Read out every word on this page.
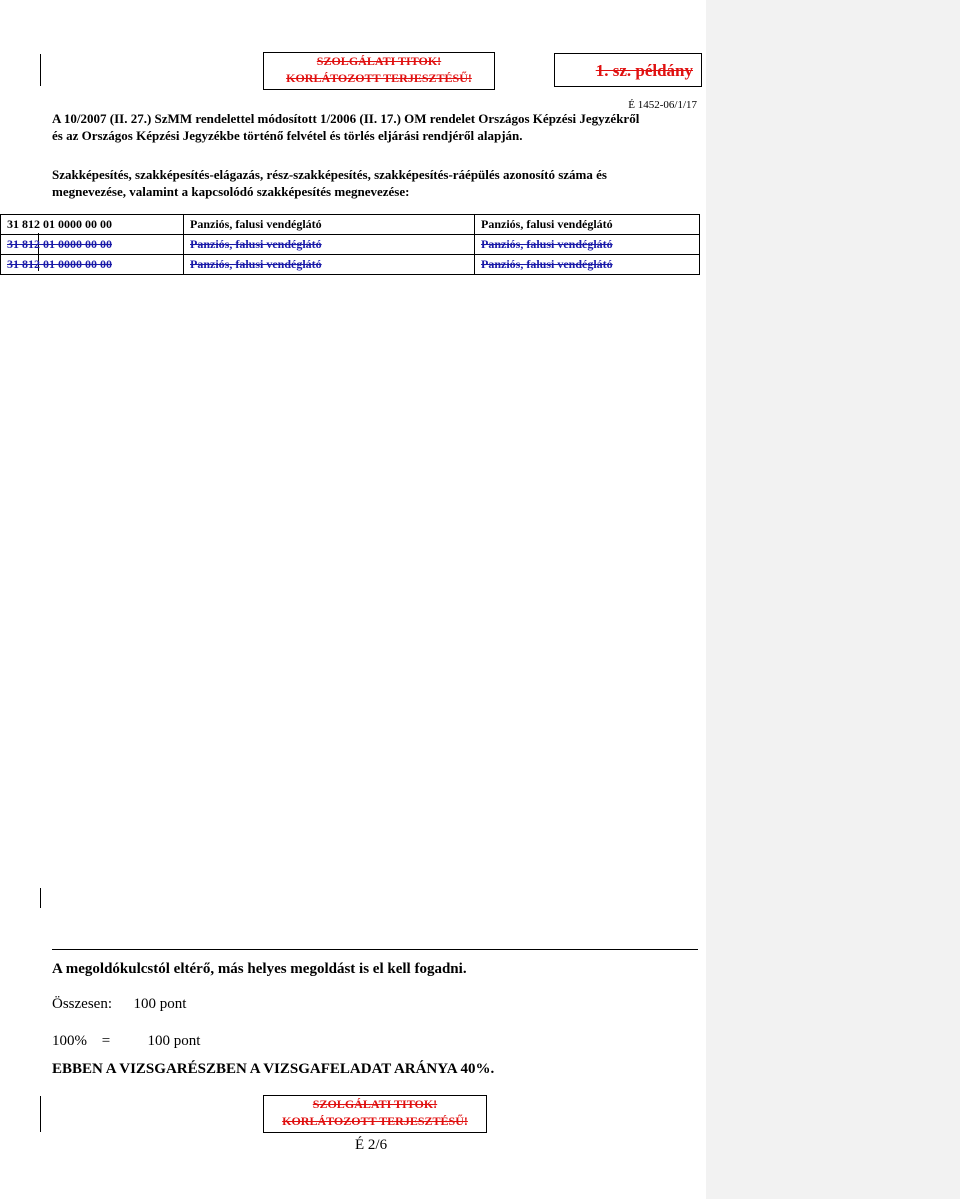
SZOLGÁLATI TITOK!
KORLÁTOZOTT TERJESZTÉSŰ!	1. sz. példány
É 1452-06/1/17
A 10/2007 (II. 27.) SzMM rendelettel módosított 1/2006 (II. 17.) OM rendelet Országos Képzési Jegyzékről
és az Országos Képzési Jegyzékbe történő felvétel és törlés eljárási rendjéről alapján.
Szakképesítés, szakképesítés-elágazás, rész-szakképesítés, szakképesítés-ráépülés azonosító száma és
megnevezése, valamint a kapcsolódó szakképesítés megnevezése:
31 812 01 0000 00 00	Panziós, falusi vendéglátó	Panziós, falusi vendéglátó
31 812 01 0000 00 00	Panziós, falusi vendéglátó	Panziós, falusi vendéglátó
31 812 01 0000 00 00	Panziós, falusi vendéglátó	Panziós, falusi vendéglátó
A megoldókulcstól eltérő, más helyes megoldást is el kell fogadni.
Összesen: 100 pont
100% = 100 pont
EBBEN A VIZSGARÉSZBEN A VIZSGAFELADAT ARÁNYA 40%.
SZOLGÁLATI TITOK!
KORLÁTOZOTT TERJESZTÉSŰ!
É 2/6
